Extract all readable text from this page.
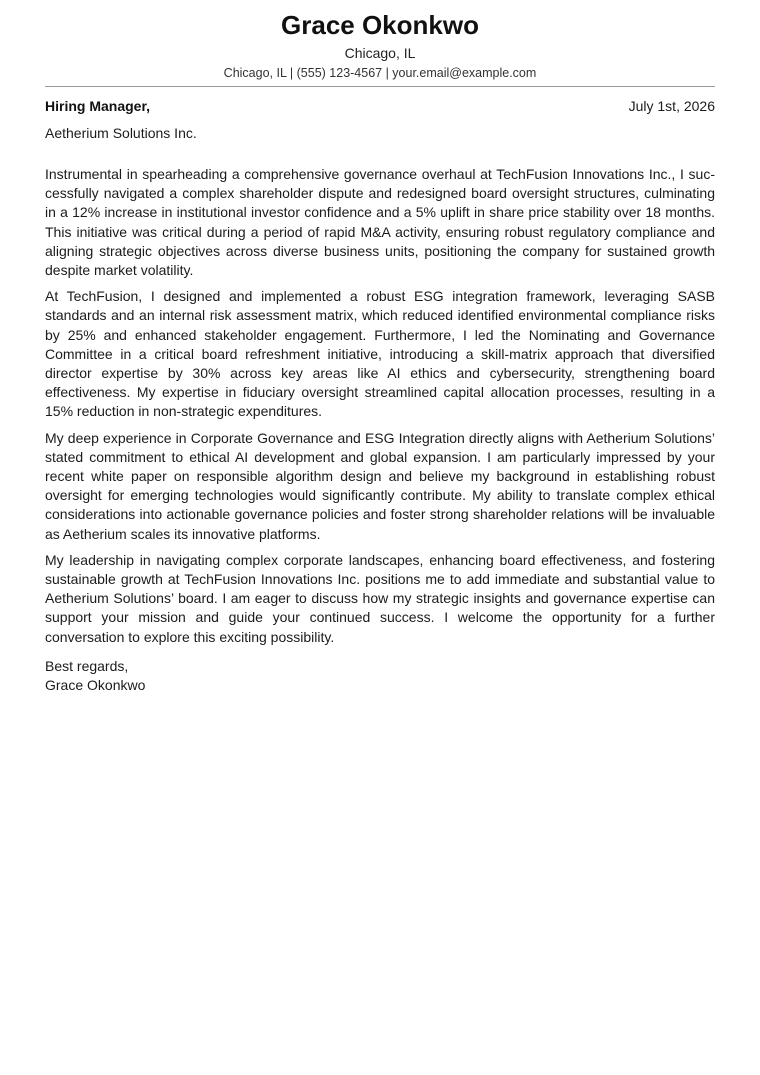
Grace Okonkwo
Chicago, IL
Chicago, IL | (555) 123-4567 | your.email@example.com
Hiring Manager,	July 1st, 2026
Aetherium Solutions Inc.

Instrumental in spearheading a comprehensive governance overhaul at TechFusion Innovations Inc., I successfully navigated a complex shareholder dispute and redesigned board oversight structures, culminating in a 12% increase in institutional investor confidence and a 5% uplift in share price stability over 18 months. This initiative was critical during a period of rapid M&A activity, ensuring robust regulatory compliance and aligning strategic objectives across diverse business units, positioning the company for sustained growth despite market volatility.

At TechFusion, I designed and implemented a robust ESG integration framework, leveraging SASB standards and an internal risk assessment matrix, which reduced identified environmental compliance risks by 25% and enhanced stakeholder engagement. Furthermore, I led the Nominating and Governance Committee in a critical board refreshment initiative, introducing a skill-matrix approach that diversified director expertise by 30% across key areas like AI ethics and cybersecurity, strengthening board effectiveness. My expertise in fiduciary oversight streamlined capital allocation processes, resulting in a 15% reduction in non-strategic expenditures.

My deep experience in Corporate Governance and ESG Integration directly aligns with Aetherium Solutions’ stated commitment to ethical AI development and global expansion. I am particularly impressed by your recent white paper on responsible algorithm design and believe my background in establishing robust oversight for emerging technologies would significantly contribute. My ability to translate complex ethical considerations into actionable governance policies and foster strong shareholder relations will be invaluable as Aetherium scales its innovative platforms.

My leadership in navigating complex corporate landscapes, enhancing board effectiveness, and fostering sustainable growth at TechFusion Innovations Inc. positions me to add immediate and substantial value to Aetherium Solutions’ board. I am eager to discuss how my strategic insights and governance expertise can support your mission and guide your continued success. I welcome the opportunity for a further conversation to explore this exciting possibility.

Best regards,
Grace Okonkwo
